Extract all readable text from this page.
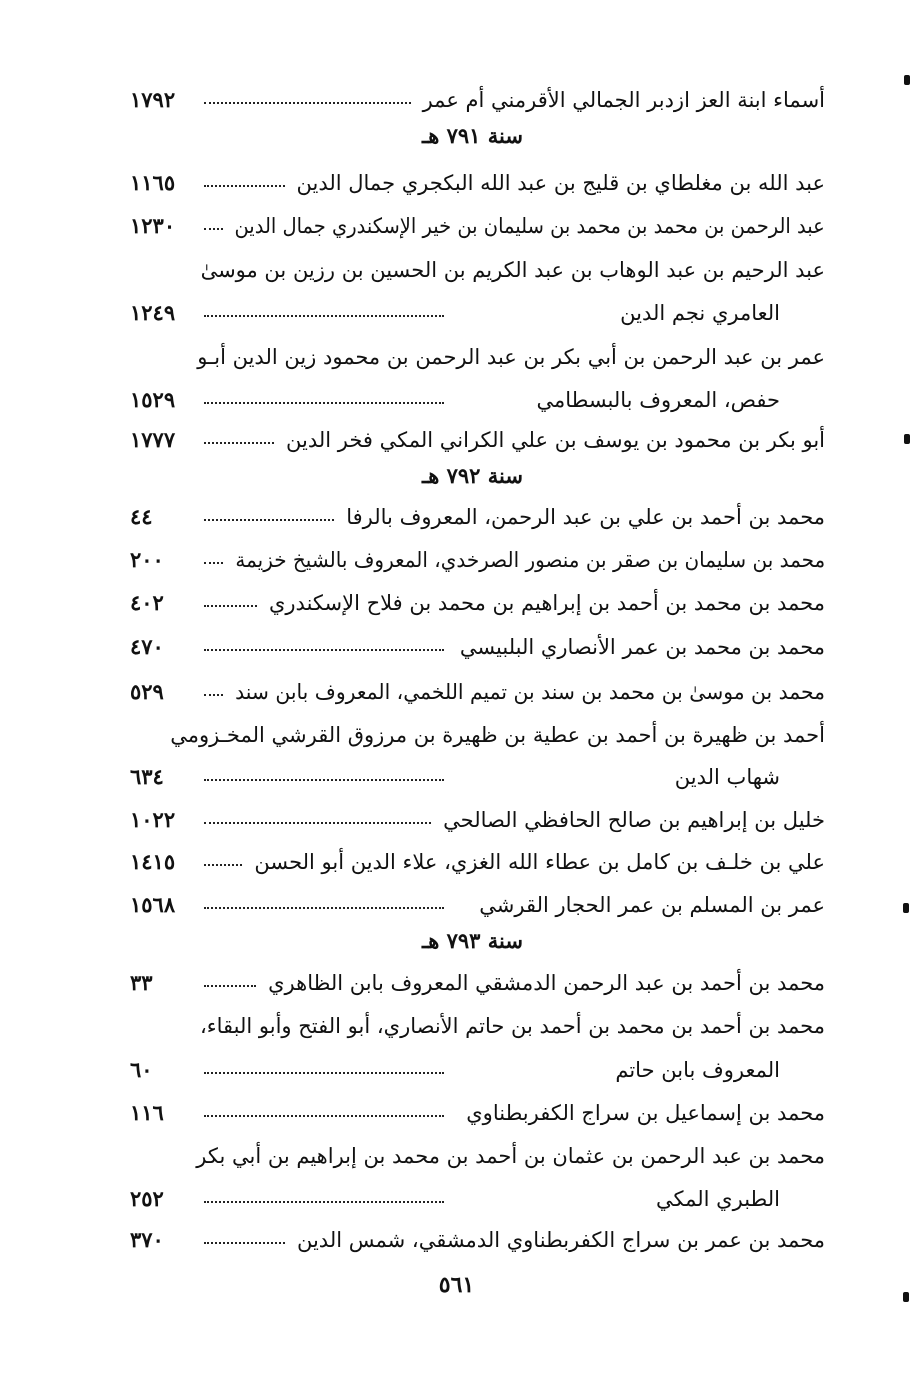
أسماء ابنة العز ازدبر الجمالي الأقرمني أم عمر
١٧٩٢
سنة ٧٩١ هـ
عبد الله بن مغلطاي بن قليج بن عبد الله البكجري جمال الدين
١١٦٥
عبد الرحمن بن محمد بن محمد بن سليمان بن خير الإسكندري جمال الدين
١٢٣٠
عبد الرحيم بن عبد الوهاب بن عبد الكريم بن الحسين بن رزين بن موسىٰ
العامري نجم الدين
١٢٤٩
عمر بن عبد الرحمن بن أبي بكر بن عبد الرحمن بن محمود زين الدين أبـو
حفص، المعروف بالبسطامي
١٥٢٩
أبو بكر بن محمود بن يوسف بن علي الكراني المكي فخر الدين
١٧٧٧
سنة ٧٩٢ هـ
محمد بن أحمد بن علي بن عبد الرحمن، المعروف بالرفا
٤٤
محمد بن سليمان بن صقر بن منصور الصرخدي، المعروف بالشيخ خزيمة
٢٠٠
محمد بن محمد بن أحمد بن إبراهيم بن محمد بن فلاح الإسكندري
٤٠٢
محمد بن محمد بن عمر الأنصاري البلبيسي
٤٧٠
محمد بن موسىٰ بن محمد بن سند بن تميم اللخمي، المعروف بابن سند
٥٢٩
أحمد بن ظهيرة بن أحمد بن عطية بن ظهيرة بن مرزوق القرشي المخـزومي
شهاب الدين
٦٣٤
خليل بن إبراهيم بن صالح الحافظي الصالحي
١٠٢٢
علي بن خلـف بن كامل بن عطاء الله الغزي، علاء الدين أبو الحسن
١٤١٥
عمر بن المسلم بن عمر الحجار القرشي
١٥٦٨
سنة ٧٩٣ هـ
محمد بن أحمد بن عبد الرحمن الدمشقي المعروف بابن الظاهري
٣٣
محمد بن أحمد بن محمد بن أحمد بن حاتم الأنصاري، أبو الفتح وأبو البقاء،
المعروف بابن حاتم
٦٠
محمد بن إسماعيل بن سراج الكفربطناوي
١١٦
محمد بن عبد الرحمن بن عثمان بن أحمد بن محمد بن إبراهيم بن أبي بكر
الطبري المكي
٢٥٢
محمد بن عمر بن سراج الكفربطناوي الدمشقي، شمس الدين
٣٧٠
٥٦١
